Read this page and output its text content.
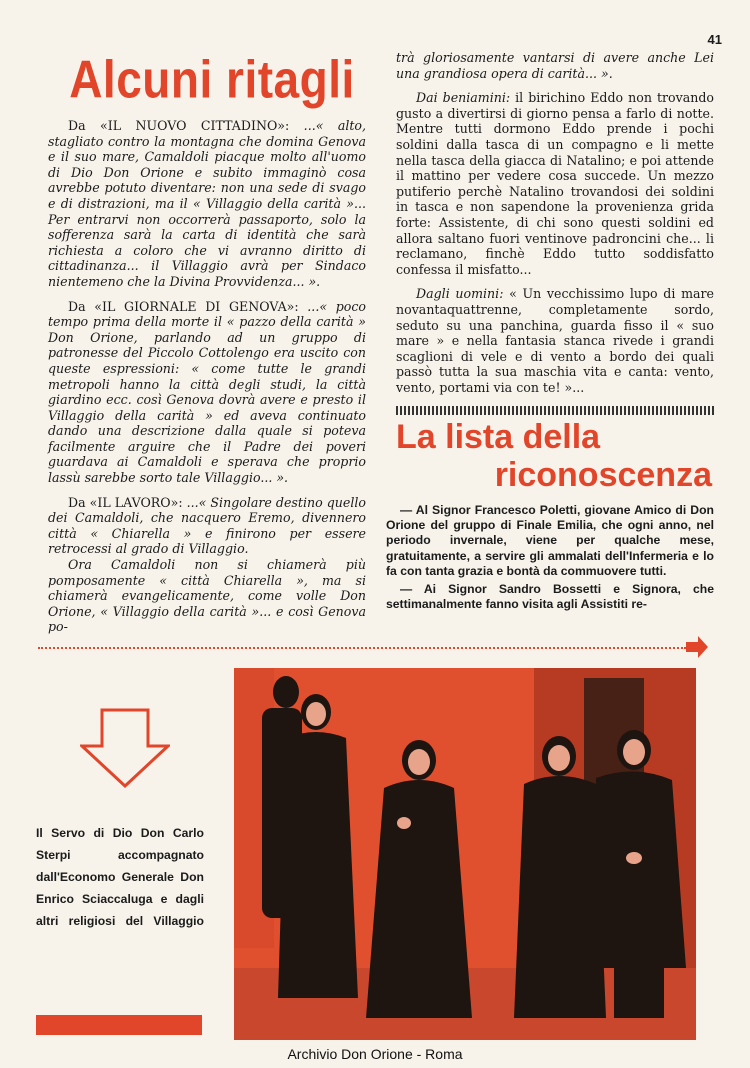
41
Alcuni ritagli

Da «IL NUOVO CITTADINO»: ...« alto, stagliato contro la montagna che domina Genova e il suo mare, Camaldoli piacque molto all'uomo di Dio Don Orione e subito immaginò cosa avrebbe potuto diventare: non una sede di svago e di distrazioni, ma il « Villaggio della carità »... Per entrarvi non occorrerà passaporto, solo la sofferenza sarà la carta di identità che sarà richiesta a coloro che vi avranno diritto di cittadinanza... il Villaggio avrà per Sindaco nientemeno che la Divina Provvidenza... ».

Da «IL GIORNALE DI GENOVA»: ...« poco tempo prima della morte il « pazzo della carità » Don Orione, parlando ad un gruppo di patronesse del Piccolo Cottolengo era uscito con queste espressioni: « come tutte le grandi metropoli hanno la città degli studi, la città giardino ecc. così Genova dovrà avere e presto il Villaggio della carità » ed aveva continuato dando una descrizione dalla quale si poteva facilmente arguire che il Padre dei poveri guardava ai Camaldoli e sperava che proprio lassù sarebbe sorto tale Villaggio... ».

Da «IL LAVORO»: ...« Singolare destino quello dei Camaldoli, che nacquero Eremo, divennero città « Chiarella » e finirono per essere retrocessi al grado di Villaggio.

Ora Camaldoli non si chiamerà più pomposamente « città Chiarella », ma si chiamerà evangelicamente, come volle Don Orione, « Villaggio della carità »... e così Genova po-

trà gloriosamente vantarsi di avere anche Lei una grandiosa opera di carità... ».

Dai beniamini: il birichino Eddo non trovando gusto a divertirsi di giorno pensa a farlo di notte. Mentre tutti dormono Eddo prende i pochi soldini dalla tasca di un compagno e li mette nella tasca della giacca di Natalino; e poi attende il mattino per vedere cosa succede. Un mezzo putiferio perchè Natalino trovandosi dei soldini in tasca e non sapendone la provenienza grida forte: Assistente, di chi sono questi soldini ed allora saltano fuori ventinove padroncini che... li reclamano, finchè Eddo tutto soddisfatto confessa il misfatto...

Dagli uomini: « Un vecchissimo lupo di mare novantaquattrenne, completamente sordo, seduto su una panchina, guarda fisso il « suo mare » e nella fantasia stanca rivede i grandi scaglioni di vele e di vento a bordo dei quali passò tutta la sua maschia vita e canta: vento, vento, portami via con te! »...

La lista della
riconoscenza

— Al Signor Francesco Poletti, giovane Amico di Don Orione del gruppo di Finale Emilia, che ogni anno, nel periodo invernale, viene per qualche mese, gratuitamente, a servire gli ammalati dell'Infermeria e lo fa con tanta grazia e bontà da commuovere tutti.

— Ai Signor Sandro Bossetti e Signora, che settimanalmente fanno visita agli Assistiti re-

Il Servo di Dio Don Carlo Sterpi accompagnato dall'Economo Generale Don Enrico Sciaccaluga e dagli altri religiosi del Villaggio
Archivio Don Orione - Roma
